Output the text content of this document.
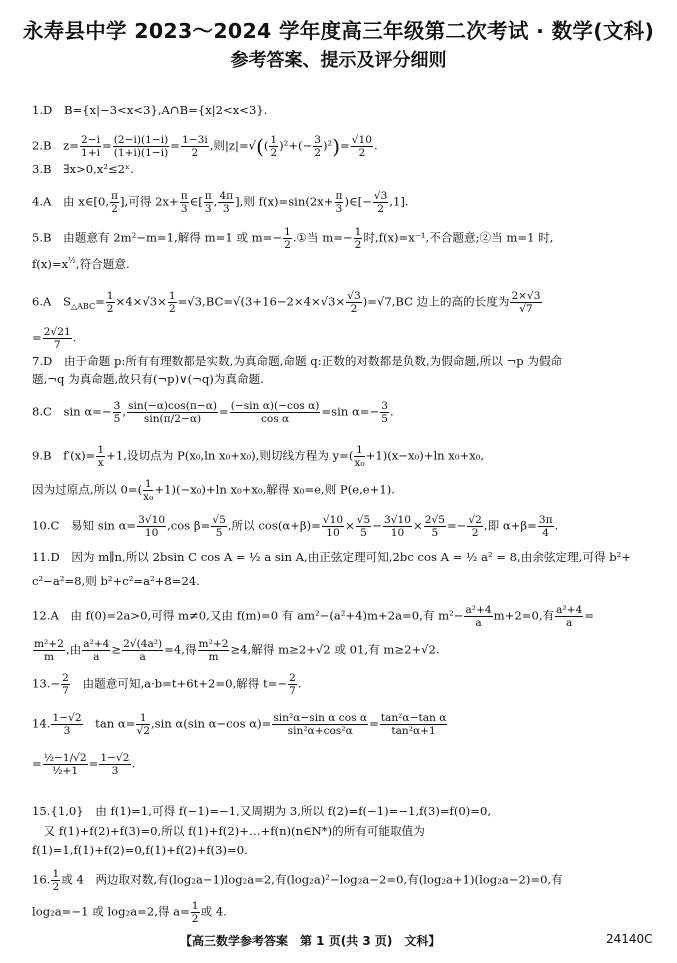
永寿县中学 2023～2024 学年度高三年级第二次考试 · 数学(文科)
参考答案、提示及评分细则
1.D　B={x|−3<x<3},A∩B={x|2<x<3}.
2.B　$z= \frac{2-i}{1+i} = \frac{(2-i)(1-i)}{(1+i)(1-i)} = \frac{1-3i}{2}$ ,则$|z|=√(( \frac{1}{2} )^2+(- \frac{3}{2} )^2)= \frac{√10}{2}$ .
3.B　∃x>0,x²≤2ˣ.
4.A　由 x∈[0, $\frac{\pi}{2}$ ],可得 $2x+ \frac{\pi}{3}$ ∈[ $\frac{\pi}{3}$ , $\frac{4\pi}{3}$ ],则 $f(x)=\sin(2x+ \frac{\pi}{3}$ )∈[− $\frac{√3}{2} ,1$].
5.B　由题意有 2m²−m=1,解得 m=1 或 $m=- \frac{1}{2}$ .①当 $m=- \frac{1}{2}$ 时,f(x)=x⁻¹,不合题意;②当 m=1 时,
$f(x)=x^{\frac{1}{2}}$,符合题意.
6.A　$S_{\triangle ABC}= \frac{1}{2} \times 4\times√3\times \frac{1}{2} =√3,BC=√(3+16-2\times 4\times√3\times \frac{√3}{2} )=√7,BC$ 边上的高的长度为 $\frac{2\times√3}{√7}$
= $\frac{2√21}{7}$ .
7.D　由于命题 p:所有有理数都是实数,为真命题,命题 q:正数的对数都是负数,为假命题,所以 ¬p 为假命
题,¬q 为真命题,故只有(¬p)∨(¬q)为真命题.
8.C　$\sin \alpha=- \frac{3}{5}$ , $\frac{\sin(-\alpha)\cos(\pi-\alpha)}{\sin(\pi/2-\alpha)} = \frac{\text{(−sin α)(−cos α)}}{\text{cos α}} =\sin$ $\alpha=- \frac{3}{5}$ .
9.B　$f'(x)= \frac{1}{x} +1$,设切点为 P(x₀,ln x₀+x₀),则切线方程为 $y=( \frac{1}{\text{x₀}} +1)(x-x_0)+\ln$ x₀+x₀,
因为过原点,所以 $0=( \frac{1}{\text{x₀}} +1)(-x_0)+\ln$ x₀+x₀,解得 x₀=e,则 P(e,e+1).
10.C　易知 $\sin \alpha= \frac{3√10}{10} ,\cos$ $\beta= \frac{√5}{5}$ ,所以 $\cos(\alpha+\beta)= \frac{√10}{10} \times \frac{√5}{5} - \frac{3√10}{10} \times \frac{2√5}{5} =- \frac{√2}{2}$ ,即 $\alpha+\beta= \frac{3\pi}{4}$ .
11.D　因为 m∥n,所以 2bsin C cos A = ½ a sin A,由正弦定理可知,2bc cos A = ½ a² = 8,由余弦定理,可得 b²+
c²−a²=8,则 b²+c²=a²+8=24.
12.A　由 f(0)=2a>0,可得 m≠0,又由 f(m)=0 有 am²−(a²+4)m+2a=0,有 $m^2- \frac{\text{a²+4}}{a} m+2=0$,有 $\frac{\text{a²+4}}{a}$ =
$\frac{\text{m²+2}}{m}$ ,由 $\frac{\text{a²+4}}{a} \ge \frac{\text{2√(4a²)}}{a} =4$,得 $\frac{\text{m²+2}}{m} \ge 4$,解得 m≥2+√2 或 01,有 m≥2+√2.
$13.- \frac{2}{7}$ 　由题意可知,a·b=t+6t+2=0,解得 $t=- \frac{2}{7}$ .
14. $\frac{1-√2}{3}$ 　$\tan \alpha= \frac{1}{√2} ,\sin$ α(sin α−cos $\alpha)= \frac{\text{sin²α−sin α cos α}}{\text{sin²α+cos²α}} = \frac{\text{tan²α−tan α}}{\text{tan²α+1}}$
= $\frac{\text{½−1/√2}}{\text{½+1}} = \frac{1-√2}{3}$ .
15.{1,0}　由 f(1)=1,可得 f(−1)=−1,又周期为 3,所以 f(2)=f(−1)=−1,f(3)=f(0)=0,
　又 f(1)+f(2)+f(3)=0,所以 f(1)+f(2)+…+f(n)(n∈N*)的所有可能取值为
f(1)=1,f(1)+f(2)=0,f(1)+f(2)+f(3)=0.
16. $\frac{1}{2}$ 或 4　两边取对数,有(log₂a−1)log₂a=2,有(log₂a)²−log₂a−2=0,有(log₂a+1)(log₂a−2)=0,有
log₂a=−1 或 log₂a=2,得 $a= \frac{1}{2}$ 或 4.
【高三数学参考答案　第 1 页(共 3 页)　文科】	24140C
